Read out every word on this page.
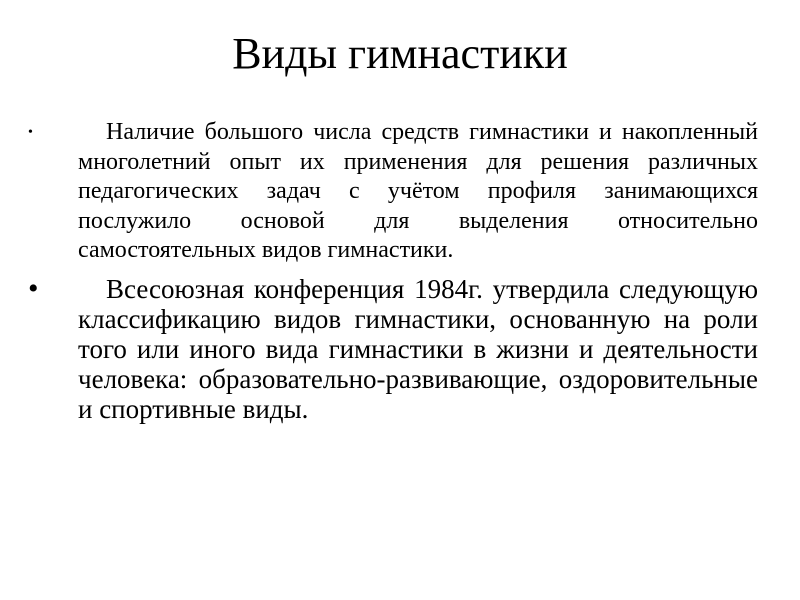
Виды гимнастики
•	Наличие большого числа средств гимнастики и накопленный многолетний опыт их применения для решения различных педагогических задач с учётом профиля занимающихся послужило основой для выделения относительно самостоятельных видов гимнастики.
• Всесоюзная конференция 1984г. утвердила следующую классификацию видов гимнастики, основанную на роли того или иного вида гимнастики в жизни и деятельности человека: образовательно-развивающие, оздоровительные и спортивные виды.
